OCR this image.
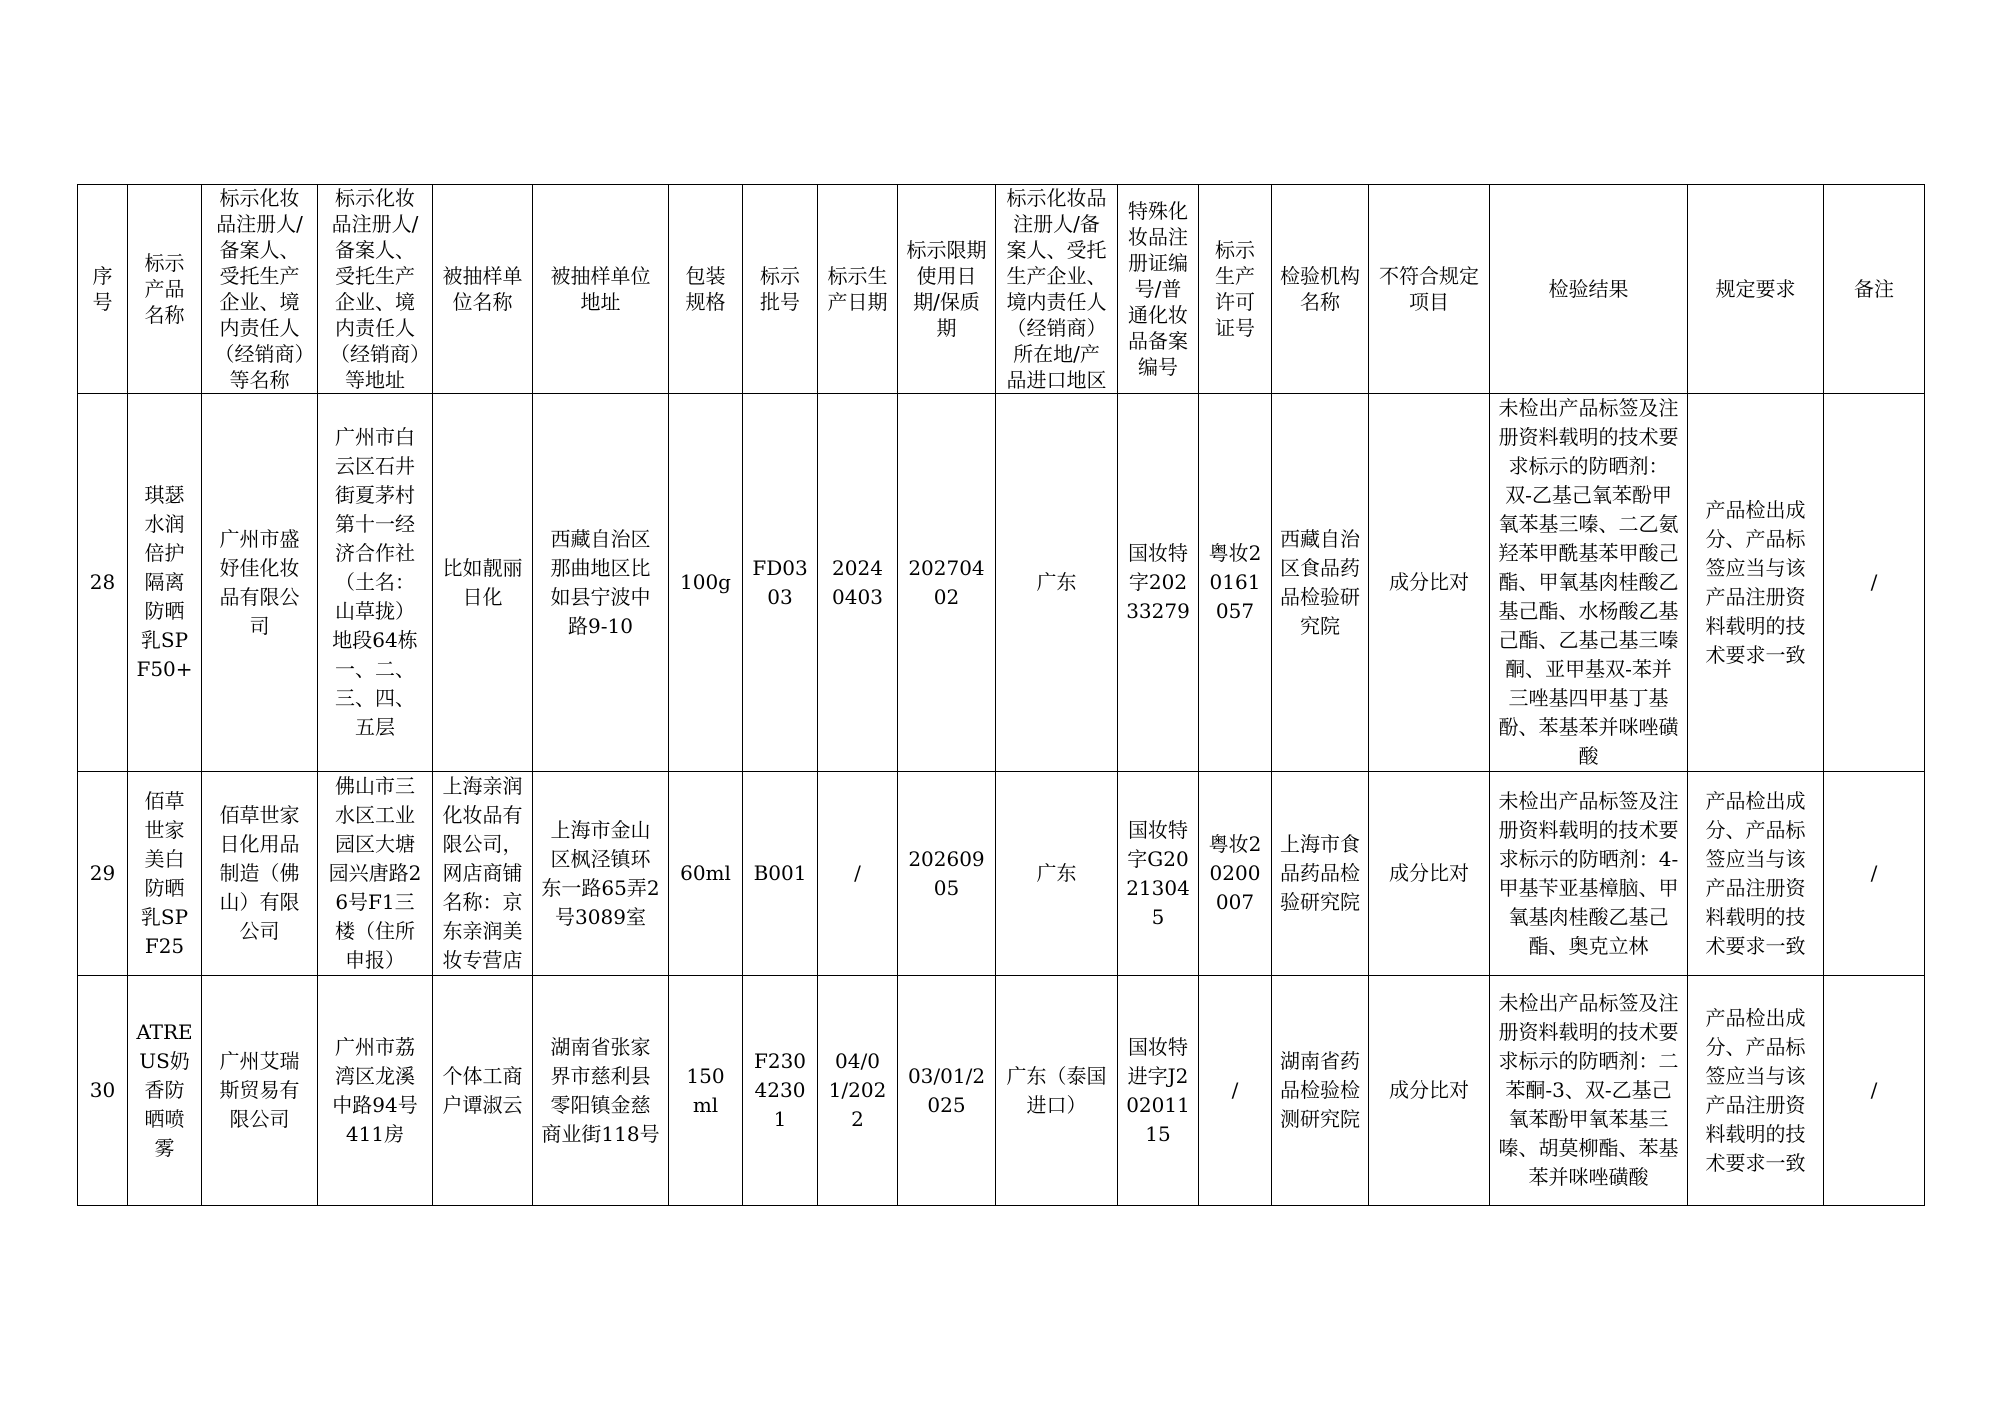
序号	标示产品名称	标示化妆品注册人/备案人、受托生产企业、境内责任人（经销商）等名称	标示化妆品注册人/备案人、受托生产企业、境内责任人（经销商）等地址	被抽样单位名称	被抽样单位地址	包装规格	标示批号	标示生产日期	标示限期使用日期/保质期	标示化妆品注册人/备案人、受托生产企业、境内责任人（经销商）所在地/产品进口地区	特殊化妆品注册证编号/普通化妆品备案编号	标示生产许可证号	检验机构名称	不符合规定项目	检验结果	规定要求	备注
28	琪瑟水润倍护隔离防晒乳SPF50+	广州市盛妤佳化妆品有限公司	广州市白云区石井街夏茅村第十一经济合作社（土名：山草拢）地段64栋一、二、三、四、五层	比如靓丽日化	西藏自治区那曲地区比如县宁波中路9-10	100g	FD0303	20240403	20270402	广东	国妆特字20233279	粤妆20161057	西藏自治区食品药品检验研究院	成分比对	未检出产品标签及注册资料载明的技术要求标示的防晒剂：双-乙基己氧苯酚甲氧苯基三嗪、二乙氨羟苯甲酰基苯甲酸己酯、甲氧基肉桂酸乙基己酯、水杨酸乙基己酯、乙基己基三嗪酮、亚甲基双-苯并三唑基四甲基丁基酚、苯基苯并咪唑磺酸	产品检出成分、产品标签应当与该产品注册资料载明的技术要求一致	/
29	佰草世家美白防晒乳SPF25	佰草世家日化用品制造（佛山）有限公司	佛山市三水区工业园区大塘园兴唐路26号F1三楼（住所申报）	上海亲润化妆品有限公司，网店商铺名称：京东亲润美妆专营店	上海市金山区枫泾镇环东一路65弄2号3089室	60ml	B001	/	20260905	广东	国妆特字G20213045	粤妆20200007	上海市食品药品检验研究院	成分比对	未检出产品标签及注册资料载明的技术要求标示的防晒剂：4-甲基苄亚基樟脑、甲氧基肉桂酸乙基己酯、奥克立林	产品检出成分、产品标签应当与该产品注册资料载明的技术要求一致	/
30	ATREUS奶香防晒喷雾	广州艾瑞斯贸易有限公司	广州市荔湾区龙溪中路94号411房	个体工商户谭淑云	湖南省张家界市慈利县零阳镇金慈商业街118号	150ml	F23042301	04/01/2022	03/01/2025	广东（泰国进口）	国妆特进字J20201115	/	湖南省药品检验检测研究院	成分比对	未检出产品标签及注册资料载明的技术要求标示的防晒剂：二苯酮-3、双-乙基己氧苯酚甲氧苯基三嗪、胡莫柳酯、苯基苯并咪唑磺酸	产品检出成分、产品标签应当与该产品注册资料载明的技术要求一致	/
